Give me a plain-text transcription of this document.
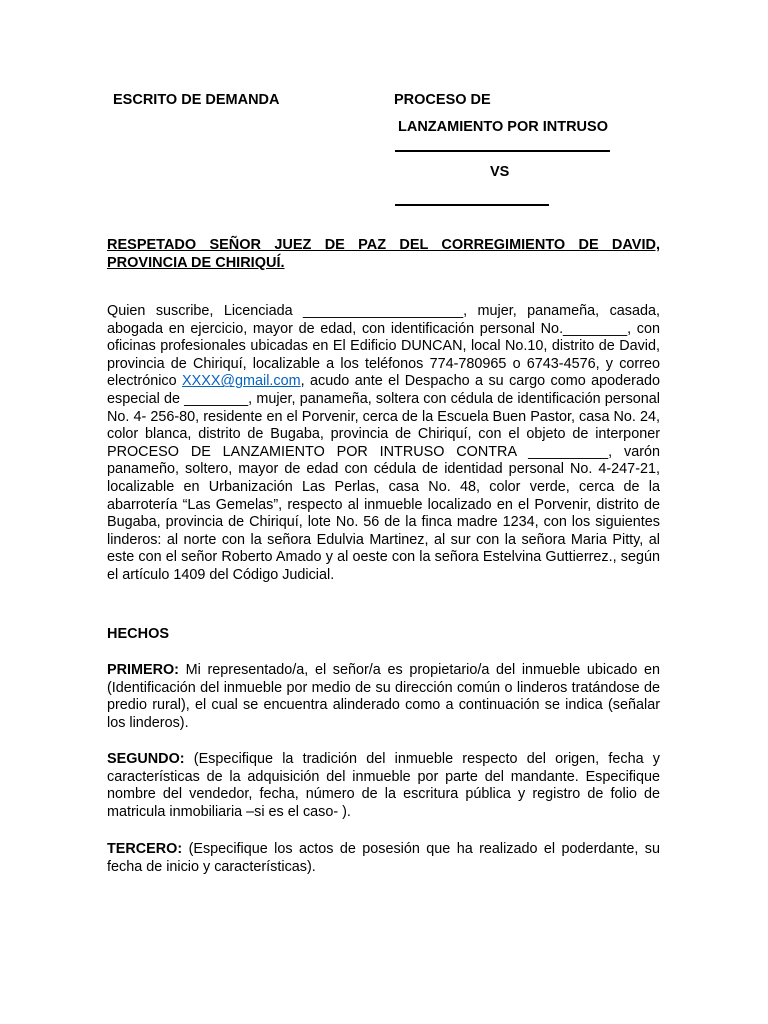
ESCRITO DE DEMANDA	PROCESO DE
LANZAMIENTO POR INTRUSO
VS
RESPETADO SEÑOR JUEZ DE PAZ DEL CORREGIMIENTO DE DAVID,
PROVINCIA DE CHIRIQUÍ.
Quien suscribe, Licenciada ____________________, mujer, panameña, casada, abogada en ejercicio, mayor de edad, con identificación personal No.________, con oficinas profesionales ubicadas en El Edificio DUNCAN, local No.10, distrito de David, provincia de Chiriquí, localizable a los teléfonos 774-780965 o 6743-4576, y correo electrónico XXXX@gmail.com, acudo ante el Despacho a su cargo como apoderado especial de ________, mujer, panameña, soltera con cédula de identificación personal No. 4- 256-80, residente en el Porvenir, cerca de la Escuela Buen Pastor, casa No. 24, color blanca, distrito de Bugaba, provincia de Chiriquí, con el objeto de interponer PROCESO DE LANZAMIENTO POR INTRUSO CONTRA __________, varón panameño, soltero, mayor de edad con cédula de identidad personal No. 4-247-21, localizable en Urbanización Las Perlas, casa No. 48, color verde, cerca de la abarrotería “Las Gemelas”, respecto al inmueble localizado en el Porvenir, distrito de Bugaba, provincia de Chiriquí, lote No. 56 de la finca madre 1234, con los siguientes linderos: al norte con la señora Edulvia Martinez, al sur con la señora Maria Pitty, al este con el señor Roberto Amado y al oeste con la señora Estelvina Guttierrez., según el artículo 1409 del Código Judicial.
HECHOS
PRIMERO: Mi representado/a, el señor/a es propietario/a del inmueble ubicado en (Identificación del inmueble por medio de su dirección común o linderos tratándose de predio rural), el cual se encuentra alinderado como a continuación se indica (señalar los linderos).
SEGUNDO: (Especifique la tradición del inmueble respecto del origen, fecha y características de la adquisición del inmueble por parte del mandante. Especifique nombre del vendedor, fecha, número de la escritura pública y registro de folio de matricula inmobiliaria –si es el caso- ).
TERCERO: (Especifique los actos de posesión que ha realizado el poderdante, su fecha de inicio y características).
